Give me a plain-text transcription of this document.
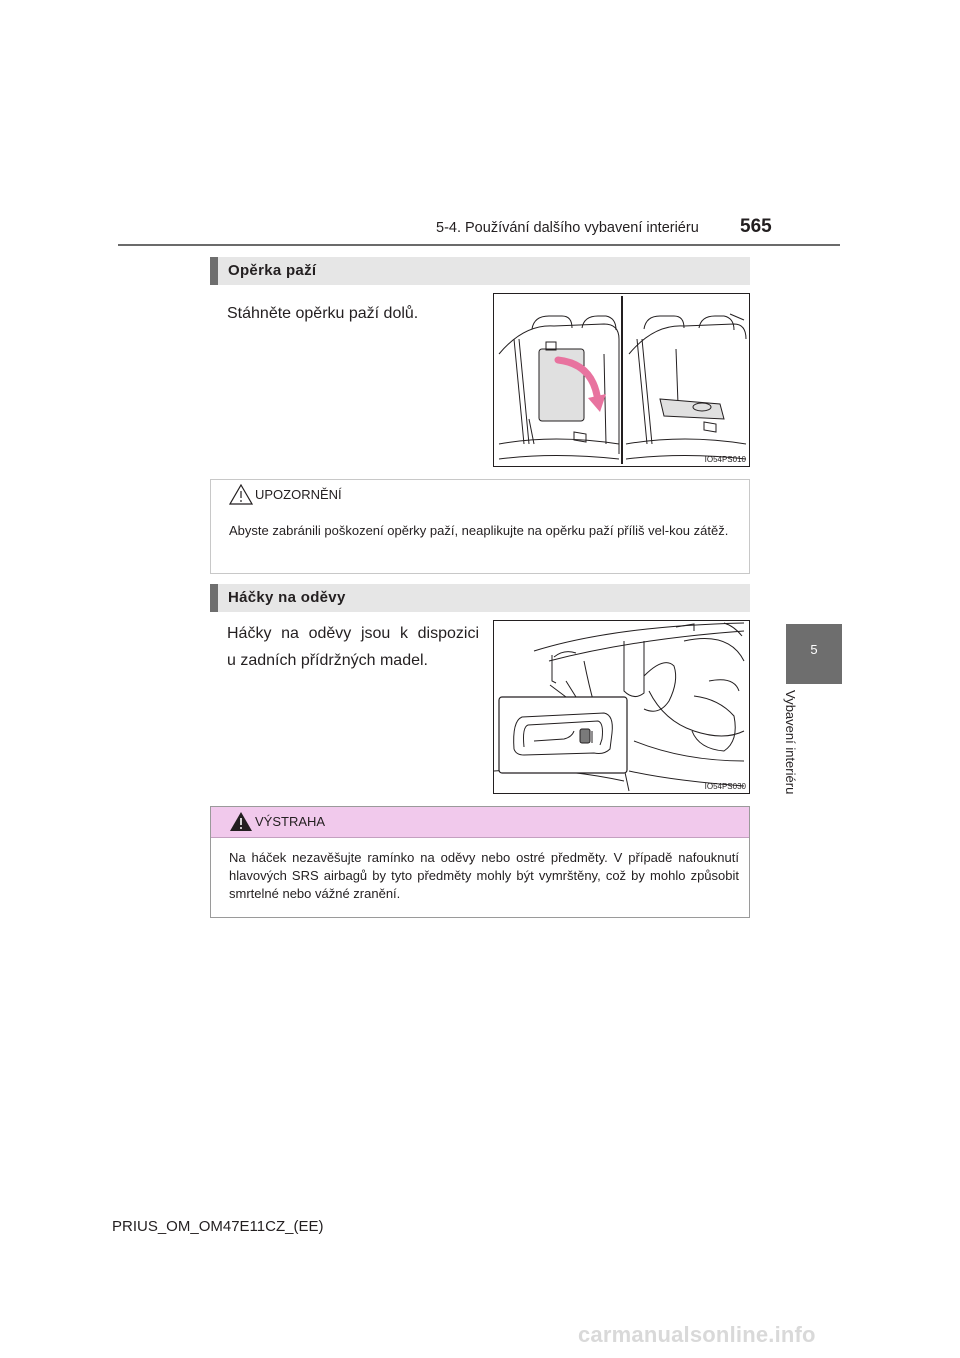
5-4. Používání dalšího vybavení interiéru 565
5
Vybavení interiéru
Opěrka paží
Stáhněte opěrku paží dolů.
IO54PS010
UPOZORNĚNÍ
Abyste zabránili poškození opěrky paží, neaplikujte na opěrku paží příliš vel-kou zátěž.
Háčky na oděvy
Háčky na oděvy jsou k dispozici
u zadních přídržných madel.
IO54PS030
VÝSTRAHA
Na háček nezavěšujte ramínko na oděvy nebo ostré předměty. V případě nafouknutí hlavových SRS airbagů by tyto předměty mohly být vymrštěny, což by mohlo způsobit smrtelné nebo vážné zranění.
PRIUS_OM_OM47E11CZ_(EE)
carmanualsonline.info
